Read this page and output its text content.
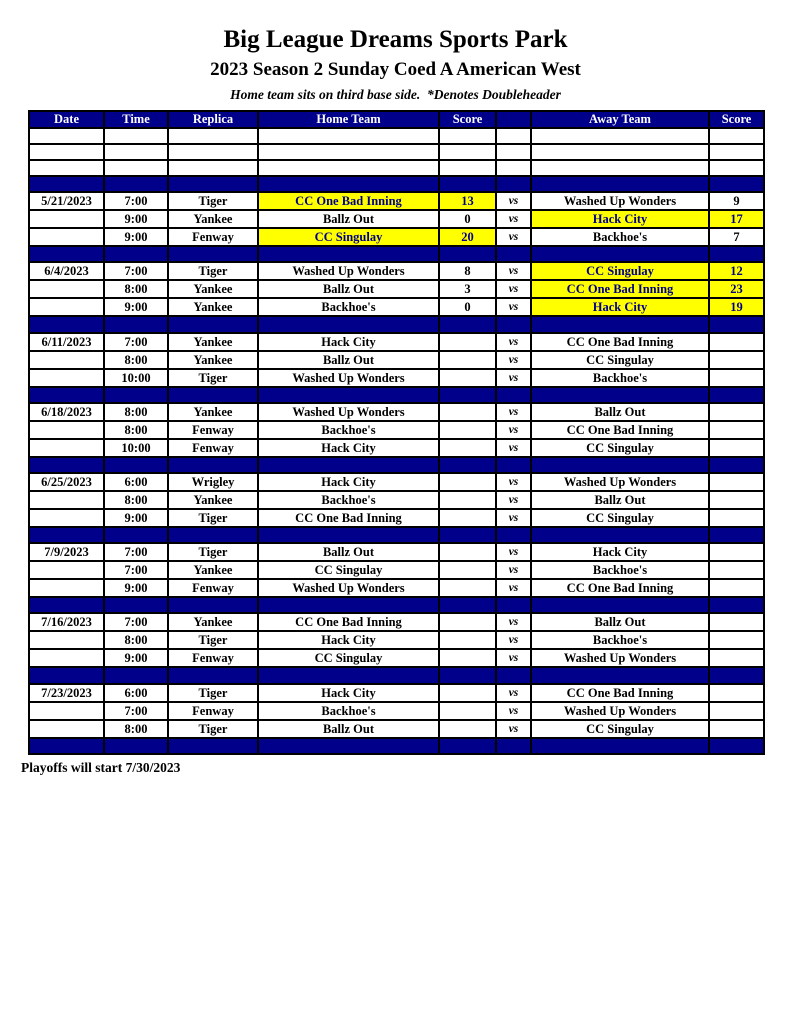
Big League Dreams Sports Park
2023 Season 2 Sunday Coed A American West
Home team sits on third base side.  *Denotes Doubleheader
Date	Time	Replica	Home Team	Score		Away Team	Score

5/21/2023	7:00	Tiger	CC One Bad Inning	13	vs	Washed Up Wonders	9
	9:00	Yankee	Ballz Out	0	vs	Hack City	17
	9:00	Fenway	CC Singulay	20	vs	Backhoe's	7

6/4/2023	7:00	Tiger	Washed Up Wonders	8	vs	CC Singulay	12
	8:00	Yankee	Ballz Out	3	vs	CC One Bad Inning	23
	9:00	Yankee	Backhoe's	0	vs	Hack City	19

6/11/2023	7:00	Yankee	Hack City		vs	CC One Bad Inning	
	8:00	Yankee	Ballz Out		vs	CC Singulay	
	10:00	Tiger	Washed Up Wonders		vs	Backhoe's	

6/18/2023	8:00	Yankee	Washed Up Wonders		vs	Ballz Out	
	8:00	Fenway	Backhoe's		vs	CC One Bad Inning	
	10:00	Fenway	Hack City		vs	CC Singulay	

6/25/2023	6:00	Wrigley	Hack City		vs	Washed Up Wonders	
	8:00	Yankee	Backhoe's		vs	Ballz Out	
	9:00	Tiger	CC One Bad Inning		vs	CC Singulay	

7/9/2023	7:00	Tiger	Ballz Out		vs	Hack City	
	7:00	Yankee	CC Singulay		vs	Backhoe's	
	9:00	Fenway	Washed Up Wonders		vs	CC One Bad Inning	

7/16/2023	7:00	Yankee	CC One Bad Inning		vs	Ballz Out	
	8:00	Tiger	Hack City		vs	Backhoe's	
	9:00	Fenway	CC Singulay		vs	Washed Up Wonders	

7/23/2023	6:00	Tiger	Hack City		vs	CC One Bad Inning	
	7:00	Fenway	Backhoe's		vs	Washed Up Wonders	
	8:00	Tiger	Ballz Out		vs	CC Singulay	

Playoffs will start 7/30/2023
